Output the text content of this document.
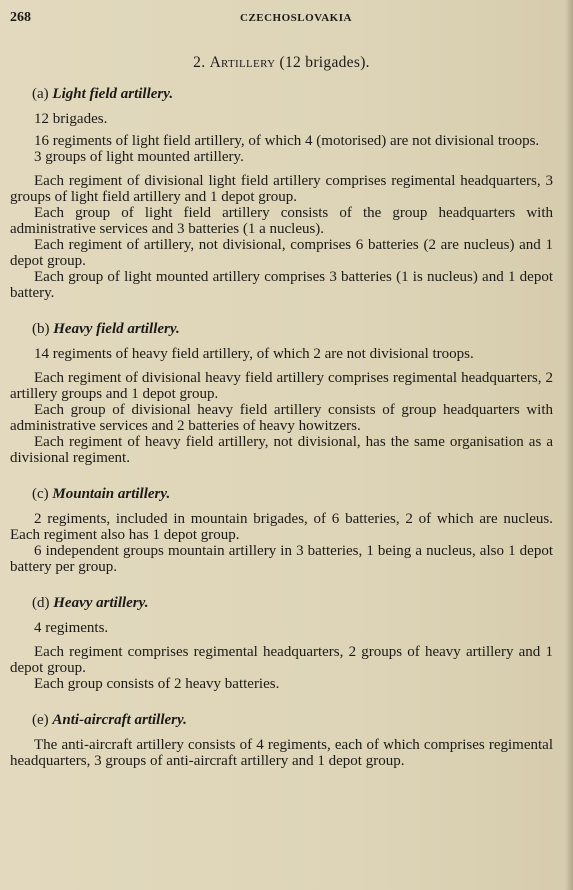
268	CZECHOSLOVAKIA
2. Artillery (12 brigades).
(a) Light field artillery.

12 brigades.

16 regiments of light field artillery, of which 4 (motorised) are not divisional troops.

3 groups of light mounted artillery.

Each regiment of divisional light field artillery comprises regimental headquarters, 3 groups of light field artillery and 1 depot group.

Each group of light field artillery consists of the group headquarters with administrative services and 3 batteries (1 a nucleus).

Each regiment of artillery, not divisional, comprises 6 batteries (2 are nucleus) and 1 depot group.

Each group of light mounted artillery comprises 3 batteries (1 is nucleus) and 1 depot battery.

(b) Heavy field artillery.

14 regiments of heavy field artillery, of which 2 are not divisional troops.

Each regiment of divisional heavy field artillery comprises regimental headquarters, 2 artillery groups and 1 depot group.

Each group of divisional heavy field artillery consists of group headquarters with administrative services and 2 batteries of heavy howitzers.

Each regiment of heavy field artillery, not divisional, has the same organisation as a divisional regiment.

(c) Mountain artillery.

2 regiments, included in mountain brigades, of 6 batteries, 2 of which are nucleus. Each regiment also has 1 depot group.

6 independent groups mountain artillery in 3 batteries, 1 being a nucleus, also 1 depot battery per group.

(d) Heavy artillery.

4 regiments.

Each regiment comprises regimental headquarters, 2 groups of heavy artillery and 1 depot group.

Each group consists of 2 heavy batteries.

(e) Anti-aircraft artillery.

The anti-aircraft artillery consists of 4 regiments, each of which comprises regimental headquarters, 3 groups of anti-aircraft artillery and 1 depot group.
